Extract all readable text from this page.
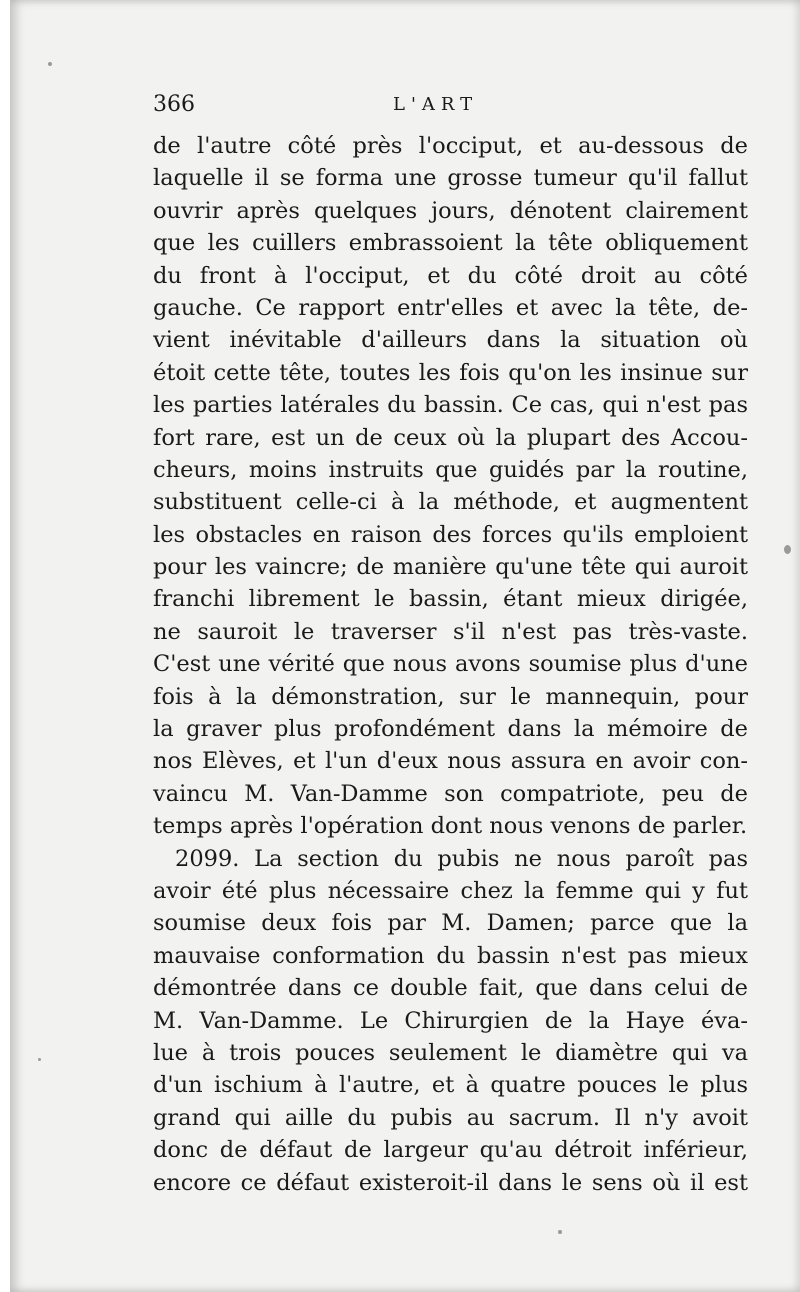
366	L'ART
de l'autre côté près l'occiput, et au-dessous de
laquelle il se forma une grosse tumeur qu'il fallut
ouvrir après quelques jours, dénotent clairement
que les cuillers embrassoient la tête obliquement
du front à l'occiput, et du côté droit au côté
gauche. Ce rapport entr'elles et avec la tête, de-
vient inévitable d'ailleurs dans la situation où
étoit cette tête, toutes les fois qu'on les insinue sur
les parties latérales du bassin. Ce cas, qui n'est pas
fort rare, est un de ceux où la plupart des Accou-
cheurs, moins instruits que guidés par la routine,
substituent celle-ci à la méthode, et augmentent
les obstacles en raison des forces qu'ils emploient
pour les vaincre; de manière qu'une tête qui auroit
franchi librement le bassin, étant mieux dirigée,
ne sauroit le traverser s'il n'est pas très-vaste.
C'est une vérité que nous avons soumise plus d'une
fois à la démonstration, sur le mannequin, pour
la graver plus profondément dans la mémoire de
nos Elèves, et l'un d'eux nous assura en avoir con-
vaincu M. Van-Damme son compatriote, peu de
temps après l'opération dont nous venons de parler.
2099. La section du pubis ne nous paroît pas
avoir été plus nécessaire chez la femme qui y fut
soumise deux fois par M. Damen; parce que la
mauvaise conformation du bassin n'est pas mieux
démontrée dans ce double fait, que dans celui de
M. Van-Damme. Le Chirurgien de la Haye éva-
lue à trois pouces seulement le diamètre qui va
d'un ischium à l'autre, et à quatre pouces le plus
grand qui aille du pubis au sacrum. Il n'y avoit
donc de défaut de largeur qu'au détroit inférieur,
encore ce défaut existeroit-il dans le sens où il est
